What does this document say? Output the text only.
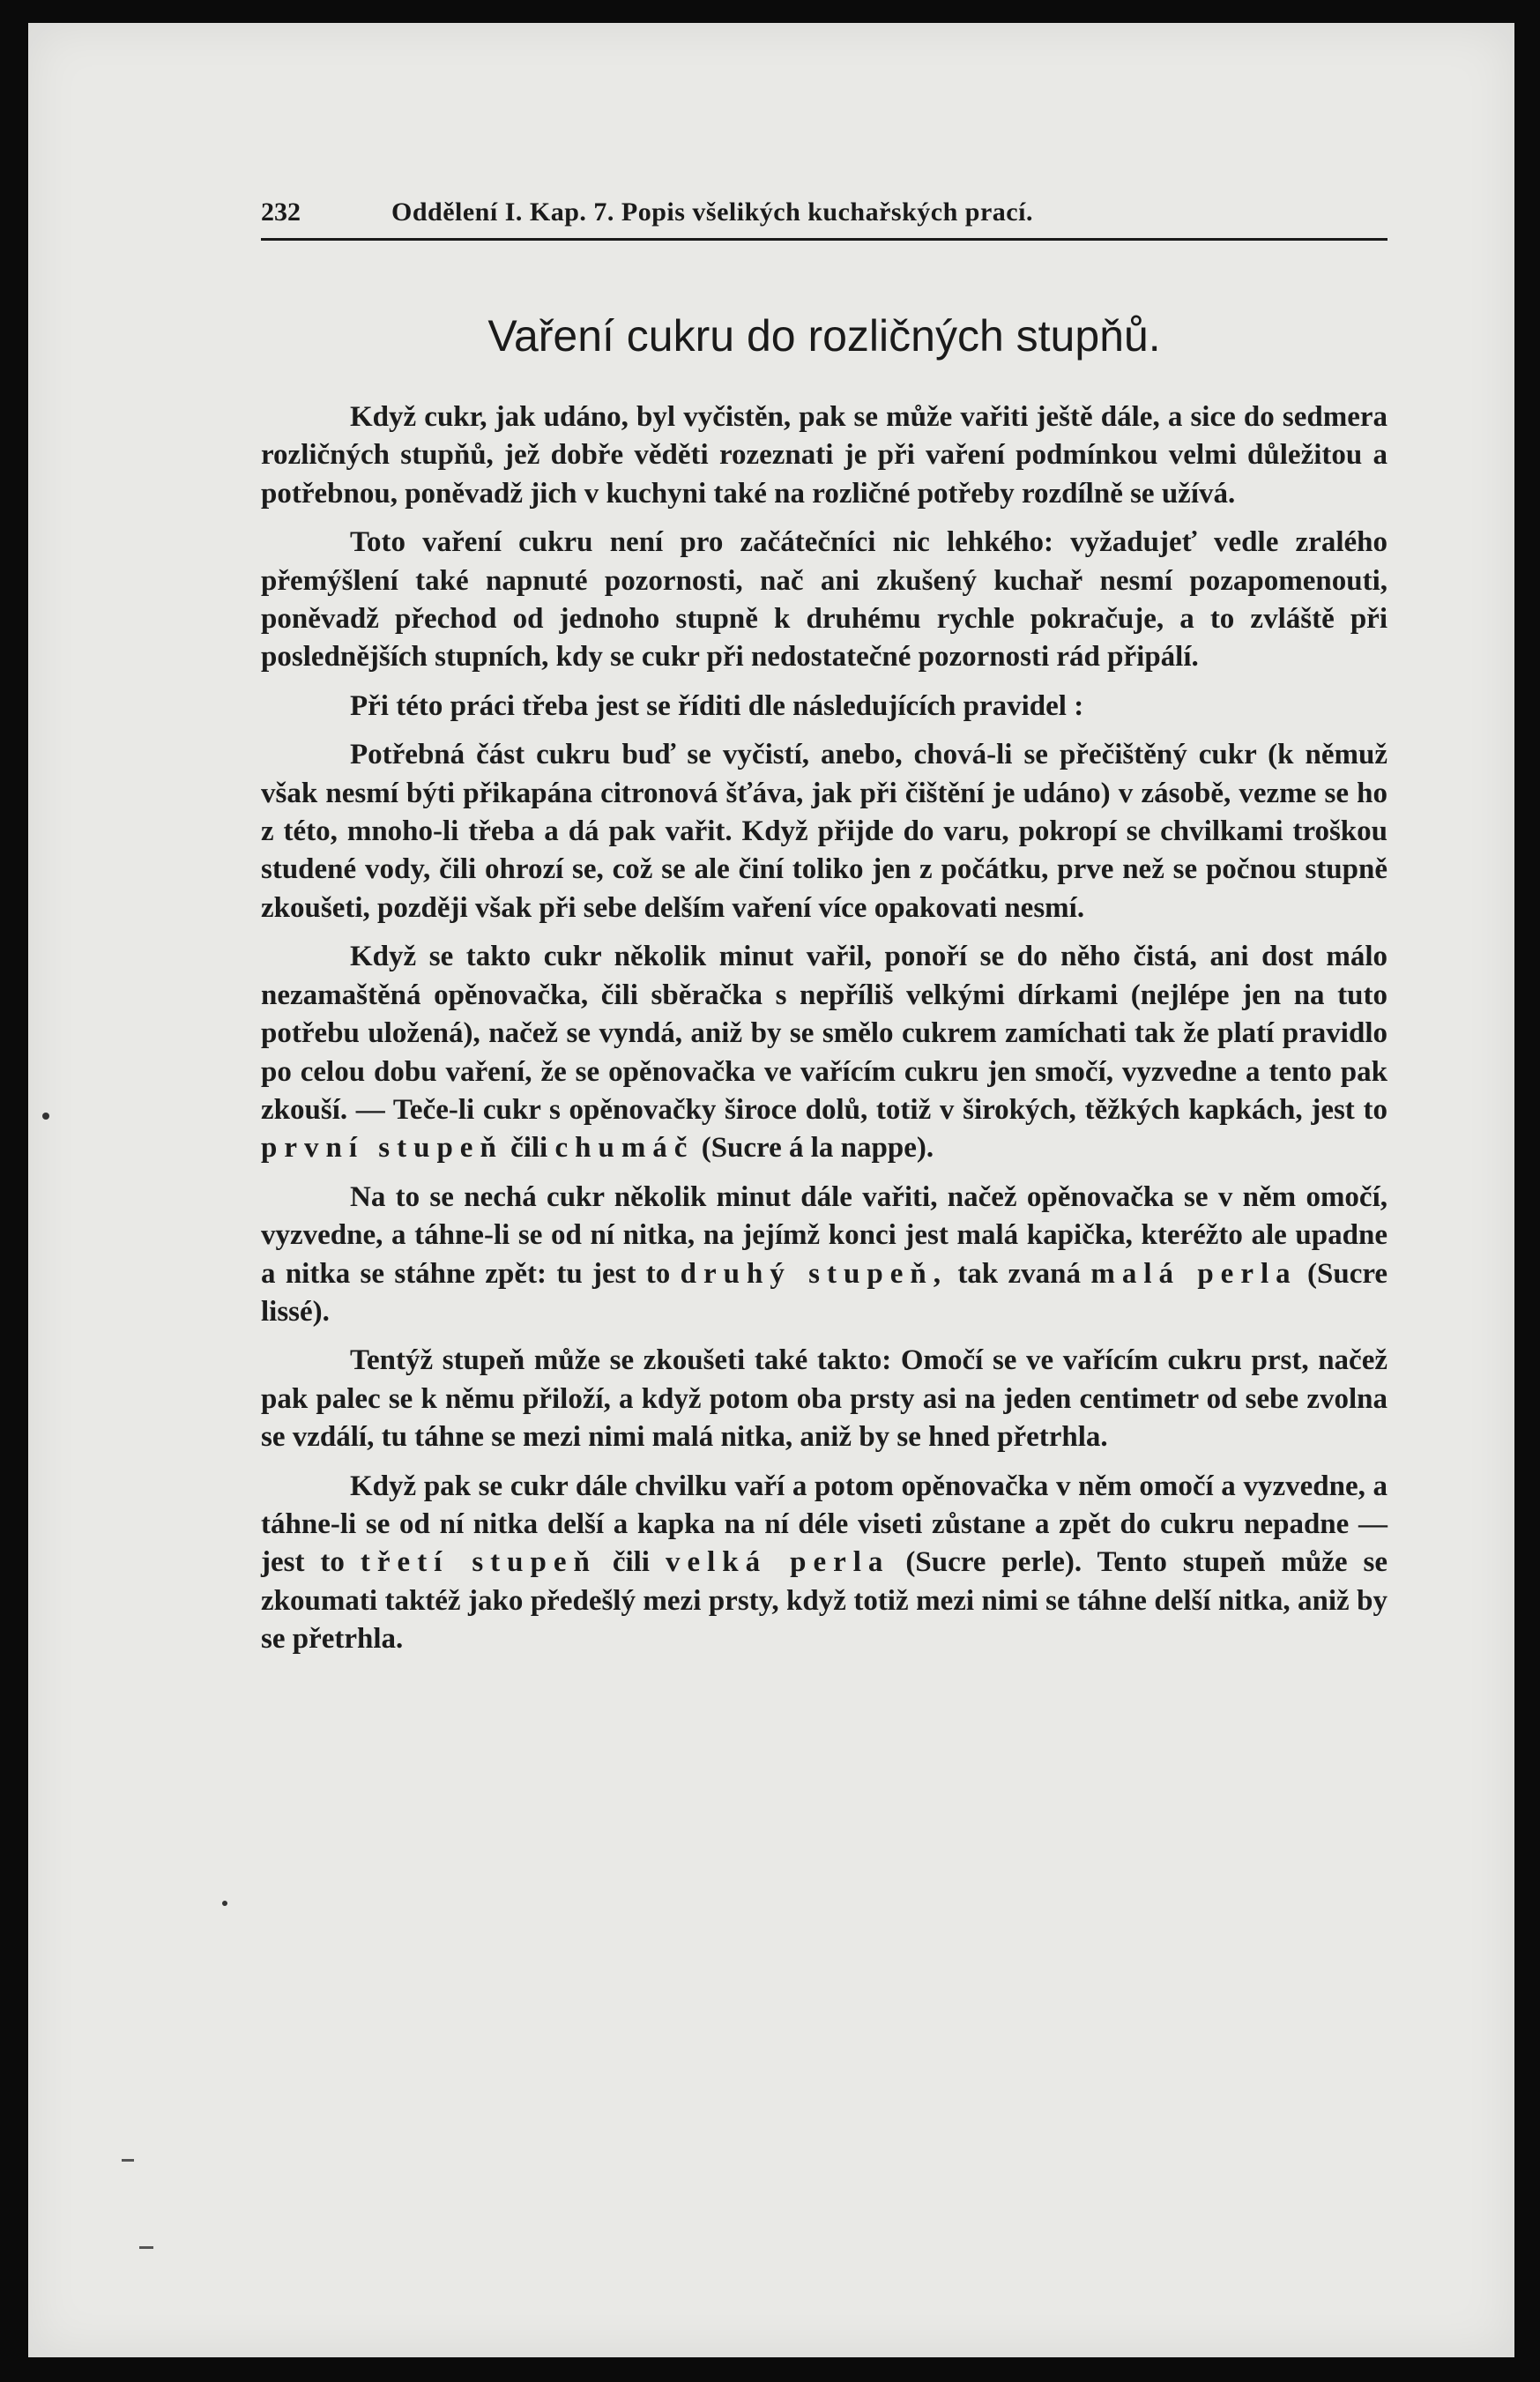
232	Oddělení I. Kap. 7. Popis všelikých kuchařských prací.
Vaření cukru do rozličných stupňů.

Když cukr, jak udáno, byl vyčistěn, pak se může vařiti ještě dále, a sice do sedmera rozličných stupňů, jež dobře věděti rozeznati je při vaření podmínkou velmi důležitou a potřebnou, poněvadž jich v kuchyni také na rozličné potřeby rozdílně se užívá.

Toto vaření cukru není pro začátečníci nic lehkého: vyžadujeť vedle zralého přemýšlení také napnuté pozornosti, nač ani zkušený kuchař nesmí pozapomenouti, poněvadž přechod od jednoho stupně k druhému rychle pokračuje, a to zvláště při poslednějších stupních, kdy se cukr při nedostatečné pozornosti rád připálí.

Při této práci třeba jest se říditi dle následujících pravidel :

Potřebná část cukru buď se vyčistí, anebo, chová-li se přečištěný cukr (k němuž však nesmí býti přikapána citronová šťáva, jak při čištění je udáno) v zásobě, vezme se ho z této, mnoho-li třeba a dá pak vařit. Když přijde do varu, pokropí se chvilkami troškou studené vody, čili ohrozí se, což se ale činí toliko jen z počátku, prve než se počnou stupně zkoušeti, později však při sebe delším vaření více opakovati nesmí.

Když se takto cukr několik minut vařil, ponoří se do něho čistá, ani dost málo nezamaštěná opěnovačka, čili sběračka s nepříliš velkými dírkami (nejlépe jen na tuto potřebu uložená), načež se vyndá, aniž by se smělo cukrem zamíchati tak že platí pravidlo po celou dobu vaření, že se opěnovačka ve vařícím cukru jen smočí, vyzvedne a tento pak zkouší. — Teče-li cukr s opěnovačky široce dolů, totiž v širokých, těžkých kapkách, jest to první stupeň čili chumáč (Sucre á la nappe).

Na to se nechá cukr několik minut dále vařiti, načež opěnovačka se v něm omočí, vyzvedne, a táhne-li se od ní nitka, na jejímž konci jest malá kapička, kteréžto ale upadne a nitka se stáhne zpět: tu jest to druhý stupeň, tak zvaná malá perla (Sucre lissé).

Tentýž stupeň může se zkoušeti také takto: Omočí se ve vařícím cukru prst, načež pak palec se k němu přiloží, a když potom oba prsty asi na jeden centimetr od sebe zvolna se vzdálí, tu táhne se mezi nimi malá nitka, aniž by se hned přetrhla.

Když pak se cukr dále chvilku vaří a potom opěnovačka v něm omočí a vyzvedne, a táhne-li se od ní nitka delší a kapka na ní déle viseti zůstane a zpět do cukru nepadne — jest to třetí stupeň čili velká perla (Sucre perle). Tento stupeň může se zkoumati taktéž jako předešlý mezi prsty, když totiž mezi nimi se táhne delší nitka, aniž by se přetrhla.
